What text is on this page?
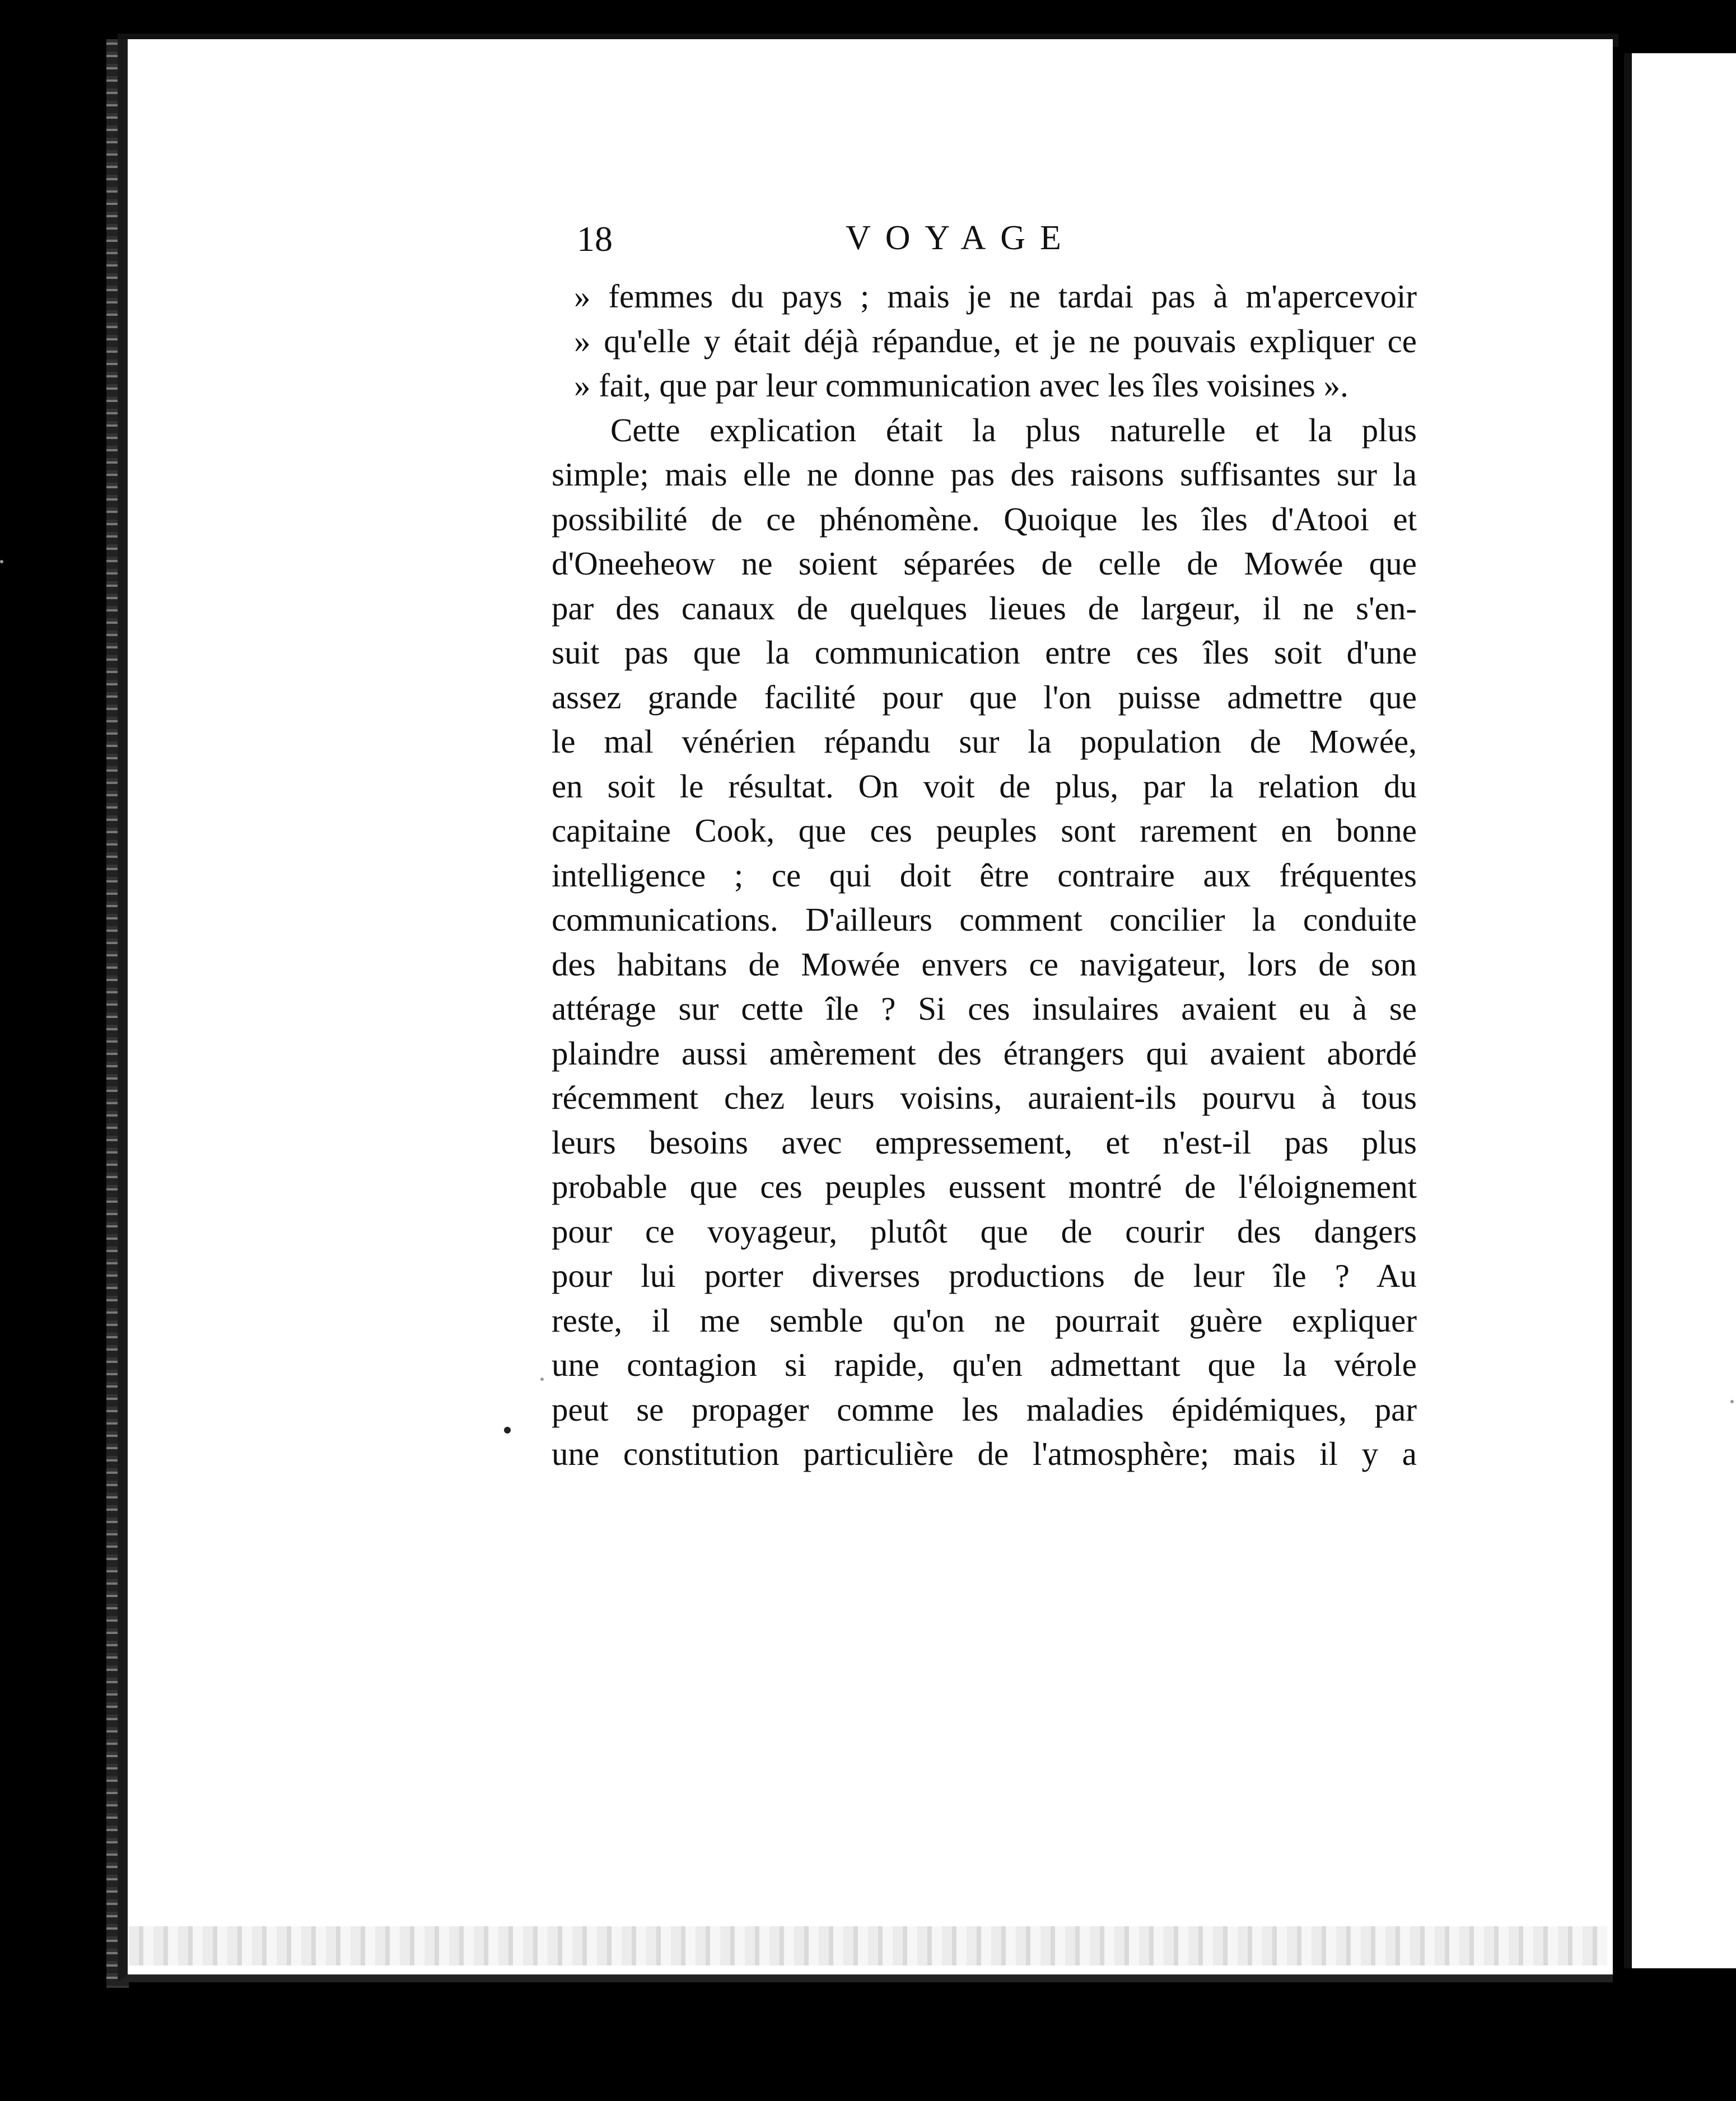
18	VOYAGE
» femmes du pays ; mais je ne tardai pas à m'apercevoir
» qu'elle y était déjà répandue, et je ne pouvais expliquer ce
» fait, que par leur communication avec les îles voisines ».
Cette explication était la plus naturelle et la plus
simple; mais elle ne donne pas des raisons suffisantes sur la
possibilité de ce phénomène. Quoique les îles d'Atooi et
d'Oneeheow ne soient séparées de celle de Mowée que
par des canaux de quelques lieues de largeur, il ne s'en-
suit pas que la communication entre ces îles soit d'une
assez grande facilité pour que l'on puisse admettre que
le mal vénérien répandu sur la population de Mowée,
en soit le résultat. On voit de plus, par la relation du
capitaine Cook, que ces peuples sont rarement en bonne
intelligence ; ce qui doit être contraire aux fréquentes
communications. D'ailleurs comment concilier la conduite
des habitans de Mowée envers ce navigateur, lors de son
attérage sur cette île ? Si ces insulaires avaient eu à se
plaindre aussi amèrement des étrangers qui avaient abordé
récemment chez leurs voisins, auraient-ils pourvu à tous
leurs besoins avec empressement, et n'est-il pas plus
probable que ces peuples eussent montré de l'éloignement
pour ce voyageur, plutôt que de courir des dangers
pour lui porter diverses productions de leur île ? Au
reste, il me semble qu'on ne pourrait guère expliquer
une contagion si rapide, qu'en admettant que la vérole
peut se propager comme les maladies épidémiques, par
une constitution particulière de l'atmosphère; mais il y a
